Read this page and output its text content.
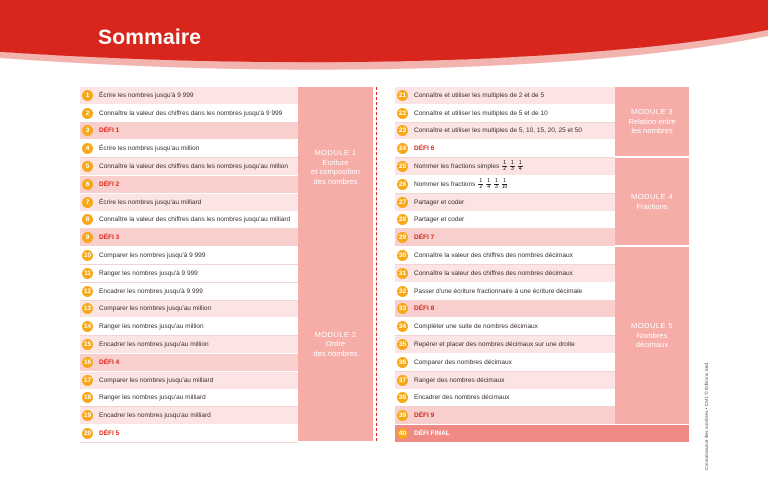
Sommaire
1	Écrire les nombres jusqu'à 9 999
2	Connaître la valeur des chiffres dans les nombres jusqu'à 9 999
3	DÉFI 1
4	Écrire les nombres jusqu'au million
5	Connaître la valeur des chiffres dans les nombres jusqu'au million
6	DÉFI 2
7	Écrire les nombres jusqu'au milliard
8	Connaître la valeur des chiffres dans les nombres jusqu'au milliard
9	DÉFI 3
10 Comparer les nombres jusqu'à 9 999
11	Ranger les nombres jusqu'à 9 999
12 Encadrer les nombres jusqu'à 9 999
13 Comparer les nombres jusqu'au million
14 Ranger les nombres jusqu'au million
15 Encadrer les nombres jusqu'au million
16 DÉFI 4
17 Comparer les nombres jusqu'au milliard
18 Ranger les nombres jusqu'au milliard
19 Encadrer les nombres jusqu'au milliard
20 DÉFI 5
21 Connaître et utiliser les multiples de 2 et de 5
22 Connaître et utiliser les multiples de 5 et de 10
23 Connaître et utiliser les multiples de 5, 10, 15, 20, 25 et 50
24 DÉFI 6
25 Nommer les fractions simples $\frac{1}{2} \frac{1}{3} \frac{1}{4}$
26 Nommer les fractions $\frac{1}{2} \frac{1}{4} \frac{1}{3} \frac{1}{10}$
27 Partager et coder
28 Partager et coder
29 DÉFI 7
30 Connaître la valeur des chiffres des nombres décimaux
31 Connaître la valeur des chiffres des nombres décimaux
32 Passer d'une écriture fractionnaire à une écriture décimale
33 DÉFI 8
34 Compléter une suite de nombres décimaux
35 Repérer et placer des nombres décimaux sur une droite
36 Comparer des nombres décimaux
37 Ranger des nombres décimaux
38 Encadrer des nombres décimaux
39 DÉFI 9
40 DÉFI FINAL
MODULE 1
Écriture
et composition
des nombres
MODULE 2
Ordre
des nombres
MODULE 3
Relation entre
les nombres
MODULE 4
Fractions
MODULE 5
Nombres
décimaux
Connaissance des nombres • CM1 © Éditions Sed
